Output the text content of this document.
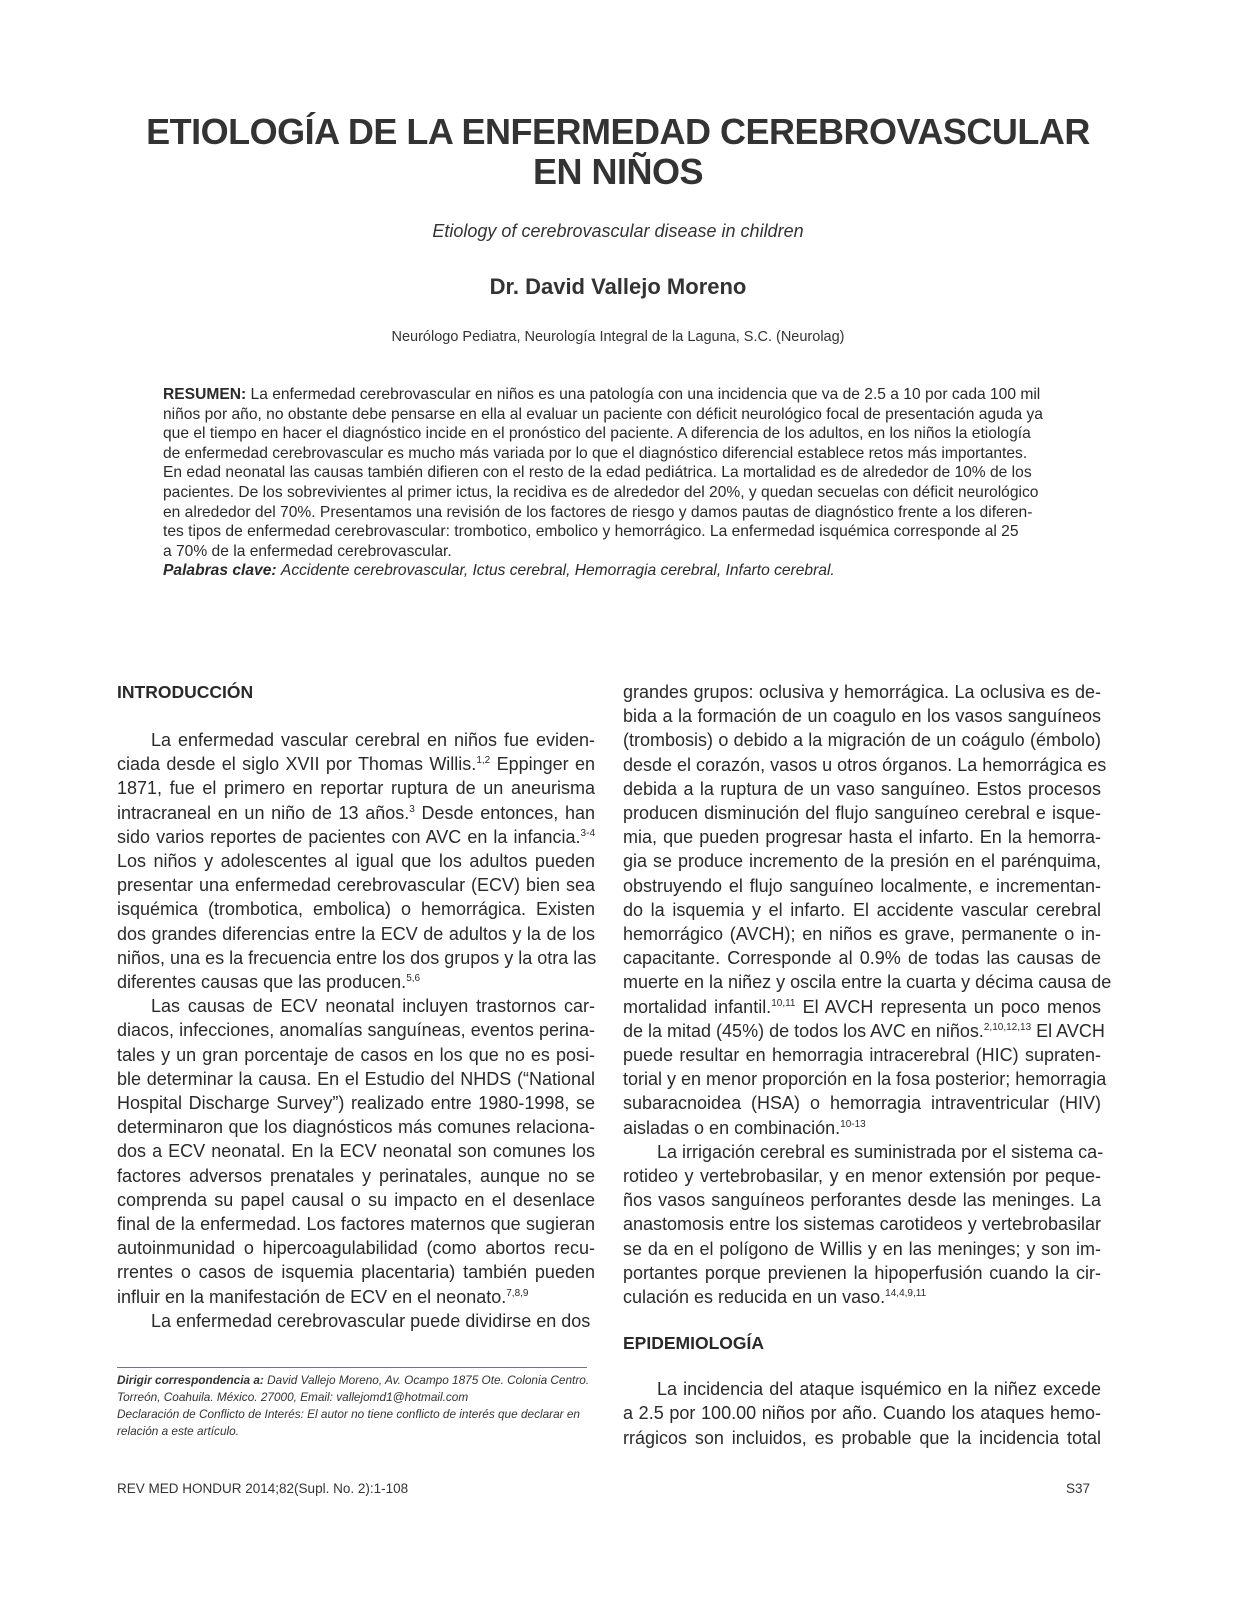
ETIOLOGÍA DE LA ENFERMEDAD CEREBROVASCULAR
EN NIÑOS
Etiology of cerebrovascular disease in children
Dr. David Vallejo Moreno
Neurólogo Pediatra, Neurología Integral de la Laguna, S.C. (Neurolag)
RESUMEN: La enfermedad cerebrovascular en niños es una patología con una incidencia que va de 2.5 a 10 por cada 100 mil
niños por año, no obstante debe pensarse en ella al evaluar un paciente con déficit neurológico focal de presentación aguda ya
que el tiempo en hacer el diagnóstico incide en el pronóstico del paciente. A diferencia de los adultos, en los niños la etiología
de enfermedad cerebrovascular es mucho más variada por lo que el diagnóstico diferencial establece retos más importantes.
En edad neonatal las causas también difieren con el resto de la edad pediátrica. La mortalidad es de alrededor de 10% de los
pacientes. De los sobrevivientes al primer ictus, la recidiva es de alrededor del 20%, y quedan secuelas con déficit neurológico
en alrededor del 70%. Presentamos una revisión de los factores de riesgo y damos pautas de diagnóstico frente a los diferen-
tes tipos de enfermedad cerebrovascular: trombotico, embolico y hemorrágico. La enfermedad isquémica corresponde al 25
a 70% de la enfermedad cerebrovascular.
Palabras clave: Accidente cerebrovascular, Ictus cerebral, Hemorragia cerebral, Infarto cerebral.
INTRODUCCIÓN
La enfermedad vascular cerebral en niños fue eviden-
ciada desde el siglo XVII por Thomas Willis.$^{1,2}$ Eppinger en
1871, fue el primero en reportar ruptura de un aneurisma
intracraneal en un niño de 13 años.$^3$ Desde entonces, han
sido varios reportes de pacientes con AVC en la infancia.$^{3-4}$
Los niños y adolescentes al igual que los adultos pueden
presentar una enfermedad cerebrovascular (ECV) bien sea
isquémica (trombotica, embolica) o hemorrágica. Existen
dos grandes diferencias entre la ECV de adultos y la de los
niños, una es la frecuencia entre los dos grupos y la otra las
diferentes causas que las producen.$^{5,6}$
Las causas de ECV neonatal incluyen trastornos car-
diacos, infecciones, anomalías sanguíneas, eventos perina-
tales y un gran porcentaje de casos en los que no es posi-
ble determinar la causa. En el Estudio del NHDS (“National
Hospital Discharge Survey”) realizado entre 1980-1998, se
determinaron que los diagnósticos más comunes relaciona-
dos a ECV neonatal. En la ECV neonatal son comunes los
factores adversos prenatales y perinatales, aunque no se
comprenda su papel causal o su impacto en el desenlace
final de la enfermedad. Los factores maternos que sugieran
autoinmunidad o hipercoagulabilidad (como abortos recu-
rrentes o casos de isquemia placentaria) también pueden
influir en la manifestación de ECV en el neonato.$^{7,8,9}$
La enfermedad cerebrovascular puede dividirse en dos
grandes grupos: oclusiva y hemorrágica. La oclusiva es de-
bida a la formación de un coagulo en los vasos sanguíneos
(trombosis) o debido a la migración de un coágulo (émbolo)
desde el corazón, vasos u otros órganos. La hemorrágica es
debida a la ruptura de un vaso sanguíneo. Estos procesos
producen disminución del flujo sanguíneo cerebral e isque-
mia, que pueden progresar hasta el infarto. En la hemorra-
gia se produce incremento de la presión en el parénquima,
obstruyendo el flujo sanguíneo localmente, e incrementan-
do la isquemia y el infarto. El accidente vascular cerebral
hemorrágico (AVCH); en niños es grave, permanente o in-
capacitante. Corresponde al 0.9% de todas las causas de
muerte en la niñez y oscila entre la cuarta y décima causa de
mortalidad infantil.$^{10,11}$ El AVCH representa un poco menos
de la mitad (45%) de todos los AVC en niños.$^{2,10,12,13}$ El AVCH
puede resultar en hemorragia intracerebral (HIC) supraten-
torial y en menor proporción en la fosa posterior; hemorragia
subaracnoidea (HSA) o hemorragia intraventricular (HIV)
aisladas o en combinación.$^{10-13}$
La irrigación cerebral es suministrada por el sistema ca-
rotideo y vertebrobasilar, y en menor extensión por peque-
ños vasos sanguíneos perforantes desde las meninges. La
anastomosis entre los sistemas carotideos y vertebrobasilar
se da en el polígono de Willis y en las meninges; y son im-
portantes porque previenen la hipoperfusión cuando la cir-
culación es reducida en un vaso.$^{14,4,9,11}$
EPIDEMIOLOGÍA
La incidencia del ataque isquémico en la niñez excede
a 2.5 por 100.00 niños por año. Cuando los ataques hemo-
rrágicos son incluidos, es probable que la incidencia total
Dirigir correspondencia a: David Vallejo Moreno, Av. Ocampo 1875 Ote. Colonia Centro.
Torreón, Coahuila. México. 27000, Email: vallejomd1@hotmail.com
Declaración de Conflicto de Interés: El autor no tiene conflicto de interés que declarar en
relación a este artículo.
REV MED HONDUR 2014;82(Supl. No. 2):1-108	S37
